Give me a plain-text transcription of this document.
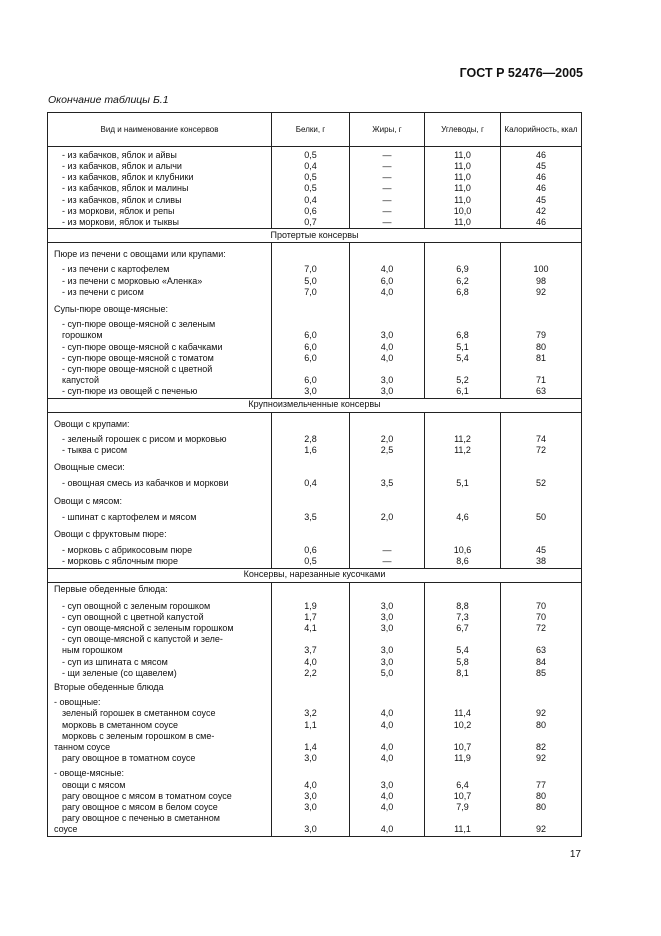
ГОСТ Р 52476—2005
Окончание таблицы Б.1
Вид и наименование консервов	Белки, г	Жиры, г	Углеводы, г	Калорийность, ккал
- из кабачков, яблок и айвы	0,5	—	11,0	46
- из кабачков, яблок и алычи	0,4	—	11,0	45
- из кабачков, яблок и клубники	0,5	—	11,0	46
- из кабачков, яблок и малины	0,5	—	11,0	46
- из кабачков, яблок и сливы	0,4	—	11,0	45
- из моркови, яблок и репы	0,6	—	10,0	42
- из моркови, яблок и тыквы	0,7	—	11,0	46
Протертые консервы				
Пюре из печени с овощами или крупами:				
- из печени с картофелем	7,0	4,0	6,9	100
- из печени с морковью «Аленка»	5,0	6,0	6,2	98
- из печени с рисом	7,0	4,0	6,8	92
Супы-пюре овоще-мясные:				
- суп-пюре овоще-мясной с зеленым				
горошком	6,0	3,0	6,8	79
- суп-пюре овоще-мясной с кабачками	6,0	4,0	5,1	80
- суп-пюре овоще-мясной с томатом	6,0	4,0	5,4	81
- суп-пюре овоще-мясной с цветной				
капустой	6,0	3,0	5,2	71
- суп-пюре из овощей с печенью	3,0	3,0	6,1	63
Крупноизмельченные консервы				
Овощи с крупами:				
- зеленый горошек с рисом и морковью	2,8	2,0	11,2	74
- тыква с рисом	1,6	2,5	11,2	72
Овощные смеси:				
- овощная смесь из кабачков и моркови	0,4	3,5	5,1	52
Овощи с мясом:				
- шпинат с картофелем и мясом	3,5	2,0	4,6	50
Овощи с фруктовым пюре:				
- морковь с абрикосовым пюре	0,6	—	10,6	45
- морковь с яблочным пюре	0,5	—	8,6	38
Консервы, нарезанные кусочками				
Первые обеденные блюда:				
- суп овощной с зеленым горошком	1,9	3,0	8,8	70
- суп овощной с цветной капустой	1,7	3,0	7,3	70
- суп овоще-мясной с зеленым горошком	4,1	3,0	6,7	72
- суп овоще-мясной с капустой и зеле-				
ным горошком	3,7	3,0	5,4	63
- суп из шпината с мясом	4,0	3,0	5,8	84
- щи зеленые (со щавелем)	2,2	5,0	8,1	85
Вторые обеденные блюда				
- овощные:				
зеленый горошек в сметанном соусе	3,2	4,0	11,4	92
морковь в сметанном соусе	1,1	4,0	10,2	80
морковь с зеленым горошком в сме-				
танном соусе	1,4	4,0	10,7	82
рагу овощное в томатном соусе	3,0	4,0	11,9	92
- овоще-мясные:				
овощи с мясом	4,0	3,0	6,4	77
рагу овощное с мясом в томатном соусе	3,0	4,0	10,7	80
рагу овощное с мясом в белом соусе	3,0	4,0	7,9	80
рагу овощное с печенью в сметанном				
соусе	3,0	4,0	11,1	92
17
